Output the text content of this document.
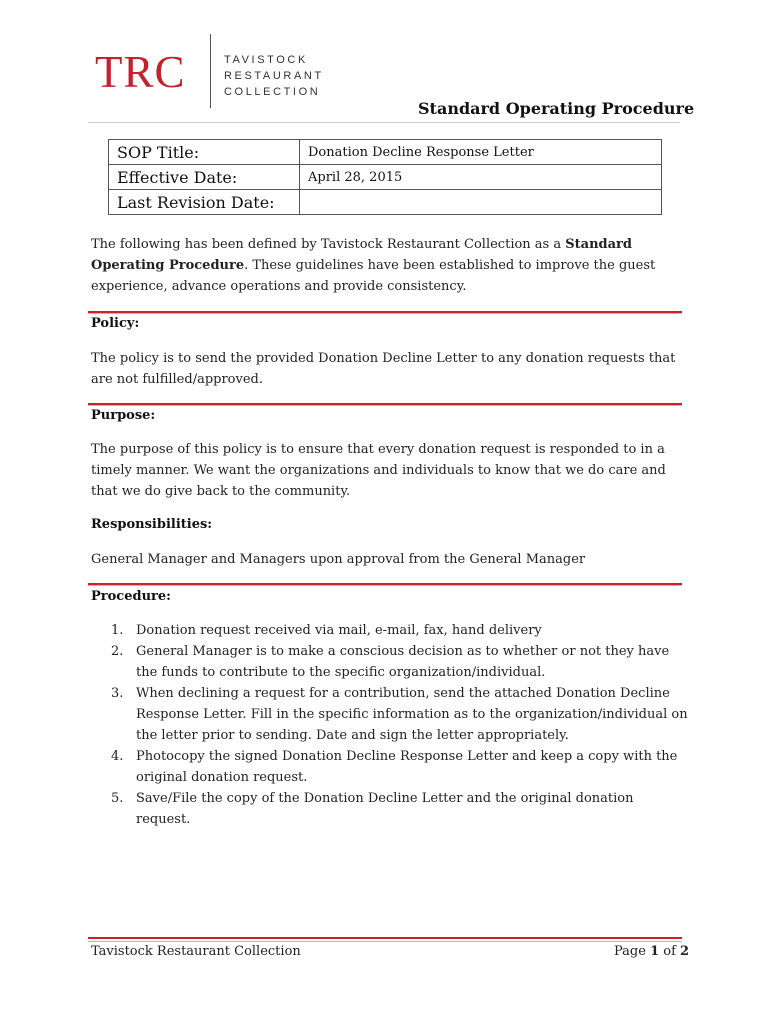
TRC	TAVISTOCK
RESTAURANT
COLLECTION
Standard Operating Procedure
SOP Title:	Donation Decline Response Letter
Effective Date:	April 28, 2015
Last Revision Date:	
The following has been defined by Tavistock Restaurant Collection as a Standard Operating Procedure. These guidelines have been established to improve the guest experience, advance operations and provide consistency.
Policy:
The policy is to send the provided Donation Decline Letter to any donation requests that are not fulfilled/approved.
Purpose:
The purpose of this policy is to ensure that every donation request is responded to in a timely manner. We want the organizations and individuals to know that we do care and that we do give back to the community.
Responsibilities:
General Manager and Managers upon approval from the General Manager
Procedure:
1. Donation request received via mail, e-mail, fax, hand delivery
2. General Manager is to make a conscious decision as to whether or not they have the funds to contribute to the specific organization/individual.
3. When declining a request for a contribution, send the attached Donation Decline Response Letter. Fill in the specific information as to the organization/individual on the letter prior to sending. Date and sign the letter appropriately.
4. Photocopy the signed Donation Decline Response Letter and keep a copy with the original donation request.
5. Save/File the copy of the Donation Decline Letter and the original donation request.
Tavistock Restaurant Collection	Page 1 of 2
